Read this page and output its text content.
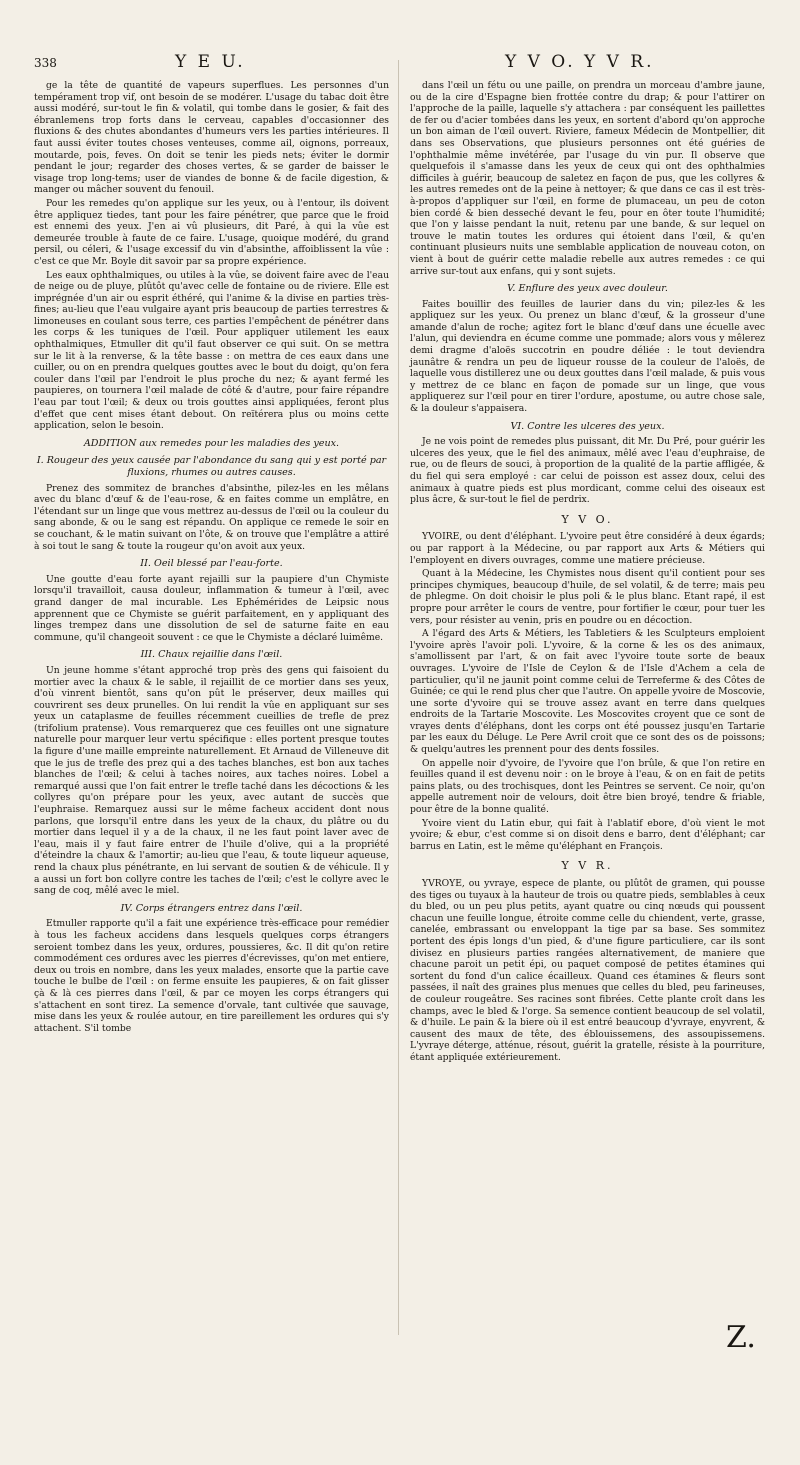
338	Y E U.	Y V O. Y V R.

ge la tête de quantité de vapeurs superflues. Les personnes d'un tempérament trop vif, ont besoin de se modérer. L'usage du tabac doit être aussi modéré, sur-tout le fin & volatil, qui tombe dans le gosier, & fait des ébranlemens trop forts dans le cerveau, capables d'occasionner des fluxions & des chutes abondantes d'humeurs vers les parties intérieures. Il faut aussi éviter toutes choses venteuses, comme ail, oignons, porreaux, moutarde, pois, feves. On doit se tenir les pieds nets; éviter le dormir pendant le jour; regarder des choses vertes, & se garder de baisser le visage trop long-tems; user de viandes de bonne & de facile digestion, & manger ou mâcher souvent du fenouil.

Pour les remedes qu'on applique sur les yeux, ou à l'entour, ils doivent être appliquez tiedes, tant pour les faire pénétrer, que parce que le froid est ennemi des yeux. J'en ai vû plusieurs, dit Paré, à qui la vûe est demeurée trouble à faute de ce faire. L'usage, quoique modéré, du grand persil, ou céleri, & l'usage excessif du vin d'absinthe, affoiblissent la vûe : c'est ce que Mr. Boyle dit savoir par sa propre expérience.

Les eaux ophthalmiques, ou utiles à la vûe, se doivent faire avec de l'eau de neige ou de pluye, plûtôt qu'avec celle de fontaine ou de riviere. Elle est imprégnée d'un air ou esprit éthéré, qui l'anime & la divise en parties très-fines; au-lieu que l'eau vulgaire ayant pris beaucoup de parties terrestres & limoneuses en coulant sous terre, ces parties l'empêchent de pénétrer dans les corps & les tuniques de l'œil. Pour appliquer utilement les eaux ophthalmiques, Etmuller dit qu'il faut observer ce qui suit. On se mettra sur le lit à la renverse, & la tête basse : on mettra de ces eaux dans une cuiller, ou on en prendra quelques gouttes avec le bout du doigt, qu'on fera couler dans l'œil par l'endroit le plus proche du nez; & ayant fermé les paupieres, on tournera l'œil malade de côté & d'autre, pour faire répandre l'eau par tout l'œil; & deux ou trois gouttes ainsi appliquées, feront plus d'effet que cent mises étant debout. On reïtérera plus ou moins cette application, selon le besoin.

ADDITION aux remedes pour les maladies des yeux.
I. Rougeur des yeux causée par l'abondance du sang qui y est porté par fluxions, rhumes ou autres causes.

Prenez des sommitez de branches d'absinthe, pilez-les en les mêlans avec du blanc d'œuf & de l'eau-rose, & en faites comme un emplâtre, en l'étendant sur un linge que vous mettrez au-dessus de l'œil ou la couleur du sang abonde, & ou le sang est répandu. On applique ce remede le soir en se couchant, & le matin suivant on l'ôte, & on trouve que l'emplâtre a attiré à soi tout le sang & toute la rougeur qu'on avoit aux yeux.

II. Oeil blessé par l'eau-forte.

Une goutte d'eau forte ayant rejailli sur la paupiere d'un Chymiste lorsqu'il travailloit, causa douleur, inflammation & tumeur à l'œil, avec grand danger de mal incurable. Les Ephémérides de Leipsic nous apprennent que ce Chymiste se guérit parfaitement, en y appliquant des linges trempez dans une dissolution de sel de saturne faite en eau commune, qu'il changeoit souvent : ce que le Chymiste a déclaré luimême.

III. Chaux rejaillie dans l'œil.

Un jeune homme s'étant approché trop près des gens qui faisoient du mortier avec la chaux & le sable, il rejaillit de ce mortier dans ses yeux, d'où vinrent bientôt, sans qu'on pût le préserver, deux mailles qui couvrirent ses deux prunelles. On lui rendit la vûe en appliquant sur ses yeux un cataplasme de feuilles récemment cueillies de trefle de prez (trifolium pratense). Vous remarquerez que ces feuilles ont une signature naturelle pour marquer leur vertu spécifique : elles portent presque toutes la figure d'une maille empreinte naturellement. Et Arnaud de Villeneuve dit que le jus de trefle des prez qui a des taches blanches, est bon aux taches blanches de l'œil; & celui à taches noires, aux taches noires. Lobel a remarqué aussi que l'on fait entrer le trefle taché dans les décoctions & les collyres qu'on prépare pour les yeux, avec autant de succès que l'euphraise. Remarquez aussi sur le même facheux accident dont nous parlons, que lorsqu'il entre dans les yeux de la chaux, du plâtre ou du mortier dans lequel il y a de la chaux, il ne les faut point laver avec de l'eau, mais il y faut faire entrer de l'huile d'olive, qui a la propriété d'éteindre la chaux & l'amortir; au-lieu que l'eau, & toute liqueur aqueuse, rend la chaux plus pénétrante, en lui servant de soutien & de véhicule. Il y a aussi un fort bon collyre contre les taches de l'œil; c'est le collyre avec le sang de coq, mêlé avec le miel.

IV. Corps étrangers entrez dans l'œil.

Etmuller rapporte qu'il a fait une expérience très-efficace pour remédier à tous les facheux accidens dans lesquels quelques corps étrangers seroient tombez dans les yeux, ordures, poussieres, &c. Il dit qu'on retire commodément ces ordures avec les pierres d'écrevisses, qu'on met entiere, deux ou trois en nombre, dans les yeux malades, ensorte que la partie cave touche le bulbe de l'œil : on ferme ensuite les paupieres, & on fait glisser çà & là ces pierres dans l'œil, & par ce moyen les corps étrangers qui s'attachent en sont tirez. La semence d'orvale, tant cultivée que sauvage, mise dans les yeux & roulée autour, en tire pareillement les ordures qui s'y attachent. S'il tombe

dans l'œil un fétu ou une paille, on prendra un morceau d'ambre jaune, ou de la cire d'Espagne bien frottée contre du drap; & pour l'attirer on l'approche de la paille, laquelle s'y attachera : par conséquent les paillettes de fer ou d'acier tombées dans les yeux, en sortent d'abord qu'on approche un bon aiman de l'œil ouvert. Riviere, fameux Médecin de Montpellier, dit dans ses Observations, que plusieurs personnes ont été guéries de l'ophthalmie même invétérée, par l'usage du vin pur. Il observe que quelquefois il s'amasse dans les yeux de ceux qui ont des ophthalmies difficiles à guérir, beaucoup de saletez en façon de pus, que les collyres & les autres remedes ont de la peine à nettoyer; & que dans ce cas il est très-à-propos d'appliquer sur l'œil, en forme de plumaceau, un peu de coton bien cordé & bien desseché devant le feu, pour en ôter toute l'humidité; que l'on y laisse pendant la nuit, retenu par une bande, & sur lequel on trouve le matin toutes les ordures qui étoient dans l'œil, & qu'en continuant plusieurs nuits une semblable application de nouveau coton, on vient à bout de guérir cette maladie rebelle aux autres remedes : ce qui arrive sur-tout aux enfans, qui y sont sujets.

V. Enflure des yeux avec douleur.

Faites bouillir des feuilles de laurier dans du vin; pilez-les & les appliquez sur les yeux. Ou prenez un blanc d'œuf, & la grosseur d'une amande d'alun de roche; agitez fort le blanc d'œuf dans une écuelle avec l'alun, qui deviendra en écume comme une pommade; alors vous y mêlerez demi dragme d'aloës succotrin en poudre déliée : le tout deviendra jaunâtre & rendra un peu de liqueur rousse de la couleur de l'aloës, de laquelle vous distillerez une ou deux gouttes dans l'œil malade, & puis vous y mettrez de ce blanc en façon de pomade sur un linge, que vous appliquerez sur l'œil pour en tirer l'ordure, apostume, ou autre chose sale, & la douleur s'appaisera.

VI. Contre les ulceres des yeux.

Je ne vois point de remedes plus puissant, dit Mr. Du Pré, pour guérir les ulceres des yeux, que le fiel des animaux, mêlé avec l'eau d'euphraise, de rue, ou de fleurs de souci, à proportion de la qualité de la partie affligée, & du fiel qui sera employé : car celui de poisson est assez doux, celui des animaux à quatre pieds est plus mordicant, comme celui des oiseaux est plus âcre, & sur-tout le fiel de perdrix.

Y V O.

YVOIRE, ou dent d'éléphant. L'yvoire peut être considéré à deux égards; ou par rapport à la Médecine, ou par rapport aux Arts & Métiers qui l'employent en divers ouvrages, comme une matiere précieuse.

Quant à la Médecine, les Chymistes nous disent qu'il contient pour ses principes chymiques, beaucoup d'huile, de sel volatil, & de terre; mais peu de phlegme. On doit choisir le plus poli & le plus blanc. Etant rapé, il est propre pour arrêter le cours de ventre, pour fortifier le cœur, pour tuer les vers, pour résister au venin, pris en poudre ou en décoction.

A l'égard des Arts & Métiers, les Tabletiers & les Sculpteurs emploient l'yvoire après l'avoir poli. L'yvoire, & la corne & les os des animaux, s'amollissent par l'art, & on fait avec l'yvoire toute sorte de beaux ouvrages. L'yvoire de l'Isle de Ceylon & de l'Isle d'Achem a cela de particulier, qu'il ne jaunit point comme celui de Terreferme & des Côtes de Guinée; ce qui le rend plus cher que l'autre. On appelle yvoire de Moscovie, une sorte d'yvoire qui se trouve assez avant en terre dans quelques endroits de la Tartarie Moscovite. Les Moscovites croyent que ce sont de vrayes dents d'éléphans, dont les corps ont été poussez jusqu'en Tartarie par les eaux du Déluge. Le Pere Avril croit que ce sont des os de poissons; & quelqu'autres les prennent pour des dents fossiles.

On appelle noir d'yvoire, de l'yvoire que l'on brûle, & que l'on retire en feuilles quand il est devenu noir : on le broye à l'eau, & on en fait de petits pains plats, ou des trochisques, dont les Peintres se servent. Ce noir, qu'on appelle autrement noir de velours, doit être bien broyé, tendre & friable, pour être de la bonne qualité.

Yvoire vient du Latin ebur, qui fait à l'ablatif ebore, d'où vient le mot yvoire; & ebur, c'est comme si on disoit dens e barro, dent d'éléphant; car barrus en Latin, est le même qu'éléphant en François.

Y V R.

YVROYE, ou yvraye, espece de plante, ou plûtôt de gramen, qui pousse des tiges ou tuyaux à la hauteur de trois ou quatre pieds, semblables à ceux du bled, ou un peu plus petits, ayant quatre ou cinq nœuds qui poussent chacun une feuille longue, étroite comme celle du chiendent, verte, grasse, canelée, embrassant ou enveloppant la tige par sa base. Ses sommitez portent des épis longs d'un pied, & d'une figure particuliere, car ils sont divisez en plusieurs parties rangées alternativement, de maniere que chacune paroit un petit épi, ou paquet composé de petites étamines qui sortent du fond d'un calice écailleux. Quand ces étamines & fleurs sont passées, il naît des graines plus menues que celles du bled, peu farineuses, de couleur rougeâtre. Ses racines sont fibrées. Cette plante croît dans les champs, avec le bled & l'orge. Sa semence contient beaucoup de sel volatil, & d'huile. Le pain & la biere où il est entré beaucoup d'yvraye, enyvrent, & causent des maux de tête, des éblouissemens, des assoupissemens. L'yvraye déterge, atténue, résout, guérit la gratelle, résiste à la pourriture, étant appliquée extérieurement.

Z.
